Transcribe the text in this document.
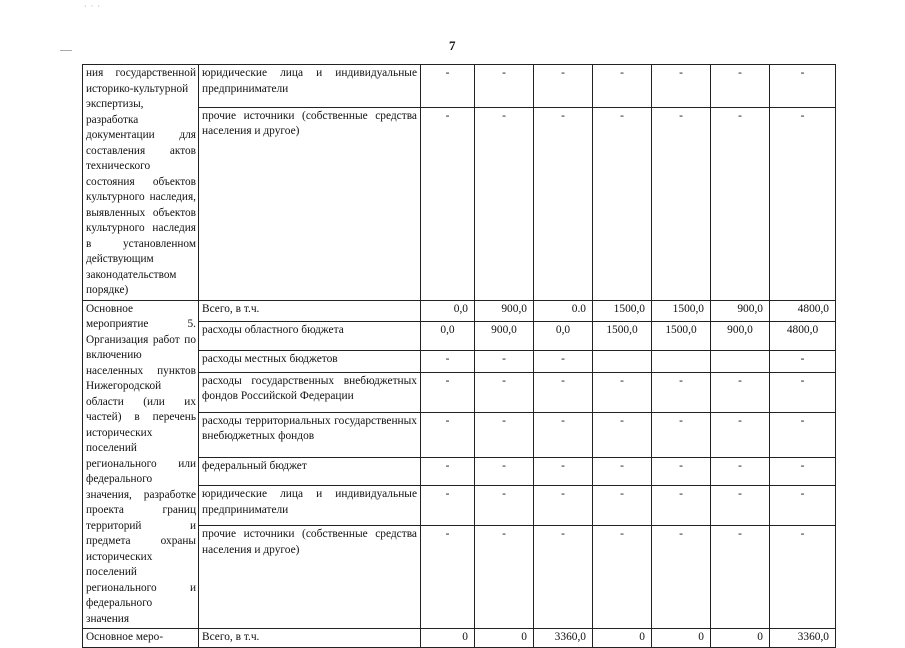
· · ·
7
ния государственной историко-культурной экспертизы, разработка документации для составления актов технического состояния объектов культурного наследия, выявленных объектов культурного наследия в установленном действующим законодательством порядке)	юридические лица и индивидуальные предприниматели	-	-	-	-	-	-	-
	прочие источники (собственные средства населения и другое)	-	-	-	-	-	-	-
Основное мероприятие 5. Организация работ по включению населенных пунктов Нижегородской области (или их частей) в перечень исторических поселений регионального или федерального значения, разработке проекта границ территорий и предмета охраны исторических поселений регионального и федерального значения	Всего, в т.ч.	0,0	900,0	0.0	1500,0	1500,0	900,0	4800,0
	расходы областного бюджета	0,0	900,0	0,0	1500,0	1500,0	900,0	4800,0
	расходы местных бюджетов	-	-	-				-
	расходы государственных внебюджетных фондов Российской Федерации	-	-	-	-	-	-	-
	расходы территориальных государственных внебюджетных фондов	-	-	-	-	-	-	-
	федеральный бюджет	-	-	-	-	-	-	-
	юридические лица и индивидуальные предприниматели	-	-	-	-	-	-	-
	прочие источники (собственные средства населения и другое)	-	-	-	-	-	-	-
Основное меро-	Всего, в т.ч.	0	0	3360,0	0	0	0	3360,0
